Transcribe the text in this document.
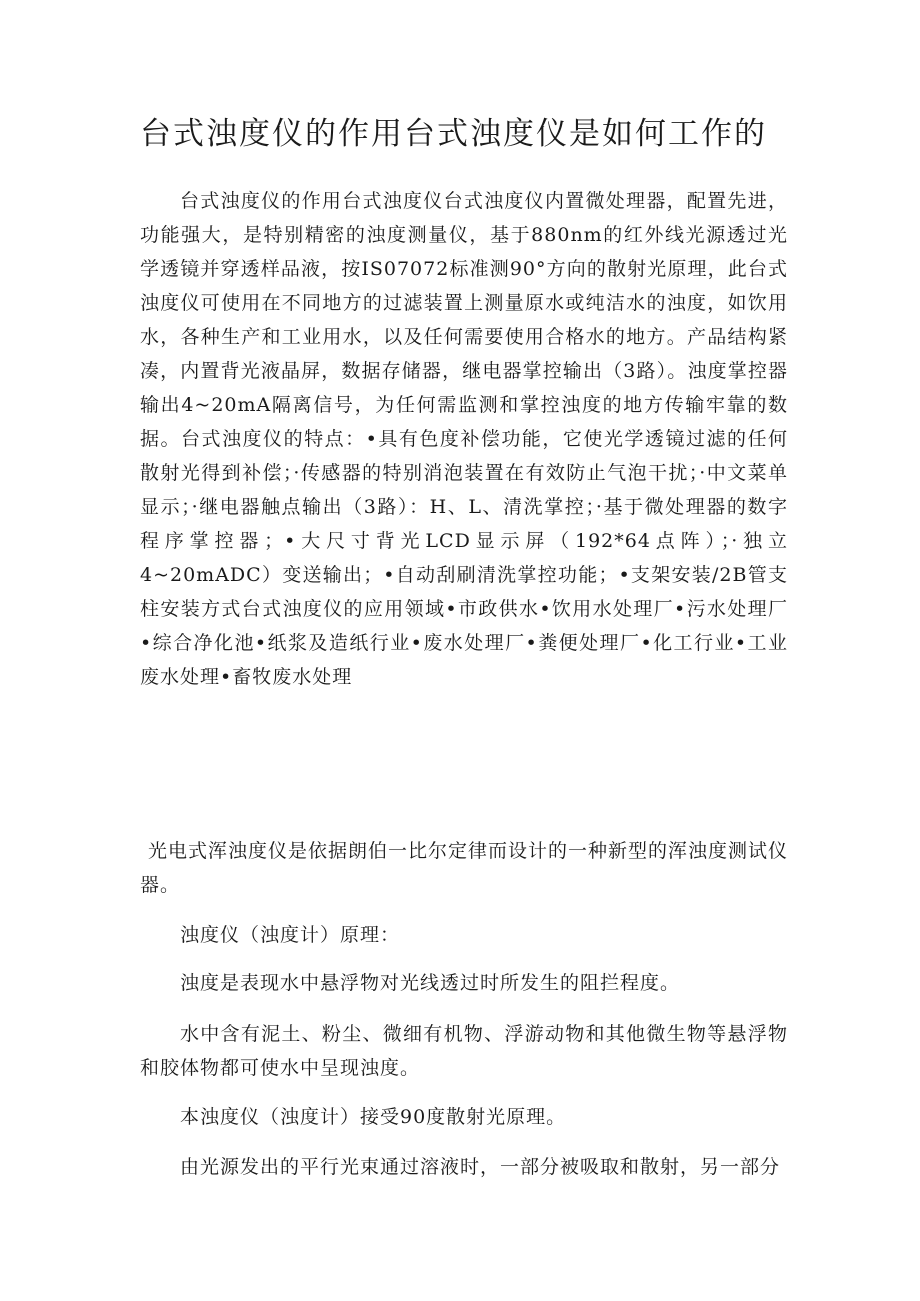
台式浊度仪的作用台式浊度仪是如何工作的

台式浊度仪的作用台式浊度仪台式浊度仪内置微处理器，配置先进，功能强大，是特别精密的浊度测量仪，基于880nm的红外线光源透过光学透镜并穿透样品液，按IS07072标准测90°方向的散射光原理，此台式浊度仪可使用在不同地方的过滤装置上测量原水或纯洁水的浊度，如饮用水，各种生产和工业用水，以及任何需要使用合格水的地方。产品结构紧凑，内置背光液晶屏，数据存储器，继电器掌控输出（3路）。浊度掌控器输出4~20mA隔离信号，为任何需监测和掌控浊度的地方传输牢靠的数据。台式浊度仪的特点：•具有色度补偿功能，它使光学透镜过滤的任何散射光得到补偿；·传感器的特别消泡装置在有效防止气泡干扰；·中文菜单显示；·继电器触点输出（3路）：H、L、清洗掌控；·基于微处理器的数字程序掌控器；•大尺寸背光LCD显示屏（192*64点阵）；·独立4~20mADC）变送输出；•自动刮刷清洗掌控功能；•支架安装/2B管支柱安装方式台式浊度仪的应用领域•市政供水•饮用水处理厂•污水处理厂•综合净化池•纸浆及造纸行业•废水处理厂•粪便处理厂•化工行业•工业废水处理•畜牧废水处理

光电式浑浊度仪是依据朗伯一比尔定律而设计的一种新型的浑浊度测试仪器。

浊度仪（浊度计）原理：

浊度是表现水中悬浮物对光线透过时所发生的阻拦程度。

水中含有泥土、粉尘、微细有机物、浮游动物和其他微生物等悬浮物和胶体物都可使水中呈现浊度。

本浊度仪（浊度计）接受90度散射光原理。

由光源发出的平行光束通过溶液时，一部分被吸取和散射，另一部分
